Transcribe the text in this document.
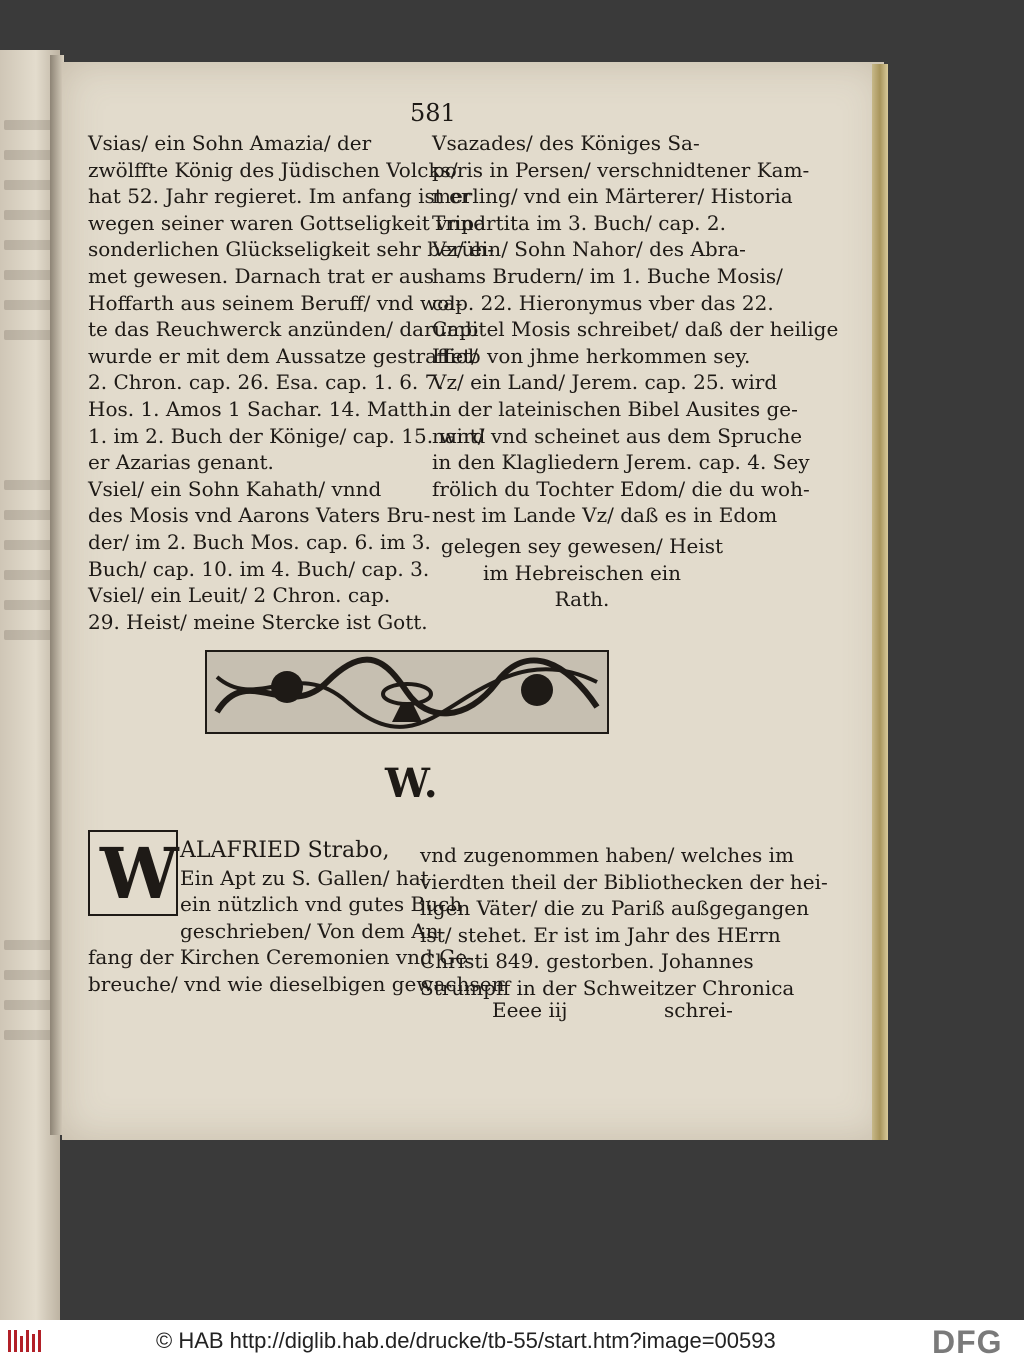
581
Vsias/ ein Sohn Amazia/ der
zwölffte König des Jüdischen Volcks/
hat 52. Jahr regieret. Im anfang ist er
wegen seiner waren Gottseligkeit vnnd
sonderlichen Glückseligkeit sehr berüh-
met gewesen. Darnach trat er aus
Hoffarth aus seinem Beruff/ vnd wol-
te das Reuchwerck anzünden/ darumb
wurde er mit dem Aussatze gestraffet/
2. Chron. cap. 26. Esa. cap. 1. 6. 7.
Hos. 1. Amos 1 Sachar. 14. Matth.
1. im 2. Buch der Könige/ cap. 15. wird
er Azarias genant.
Vsiel/ ein Sohn Kahath/ vnnd
des Mosis vnd Aarons Vaters Bru-
der/ im 2. Buch Mos. cap. 6. im 3.
Buch/ cap. 10. im 4. Buch/ cap. 3.
Vsiel/ ein Leuit/ 2 Chron. cap.
29. Heist/ meine Stercke ist Gott.
Vsazades/ des Königes Sa-
poris in Persen/ verschnidtener Kam-
merling/ vnd ein Märterer/ Historia
Tripartita im 3. Buch/ cap. 2.
Vz/ ein/ Sohn Nahor/ des Abra-
hams Brudern/ im 1. Buche Mosis/
cap. 22. Hieronymus vber das 22.
Capitel Mosis schreibet/ daß der heilige
Hiob von jhme herkommen sey.
Vz/ ein Land/ Jerem. cap. 25. wird
in der lateinischen Bibel Ausites ge-
nant/ vnd scheinet aus dem Spruche
in den Klagliedern Jerem. cap. 4. Sey
frölich du Tochter Edom/ die du woh-
nest im Lande Vz/ daß es in Edom
gelegen sey gewesen/ Heist
im Hebreischen ein
Rath.
W.
W ALAFRIED Strabo,
Ein Apt zu S. Gallen/ hat
ein nützlich vnd gutes Buch
geschrieben/ Von dem An-
fang der Kirchen Ceremonien vnd Ge-
breuche/ vnd wie dieselbigen gewachsen
vnd zugenommen haben/ welches im
vierdten theil der Bibliothecken der hei-
ligen Väter/ die zu Pariß außgegangen
ist/ stehet. Er ist im Jahr des HErrn
Christi 849. gestorben. Johannes
Strumpff in der Schweitzer Chronica
Eeee iij	schrei-
© HAB http://diglib.hab.de/drucke/tb-55/start.htm?image=00593	DFG
